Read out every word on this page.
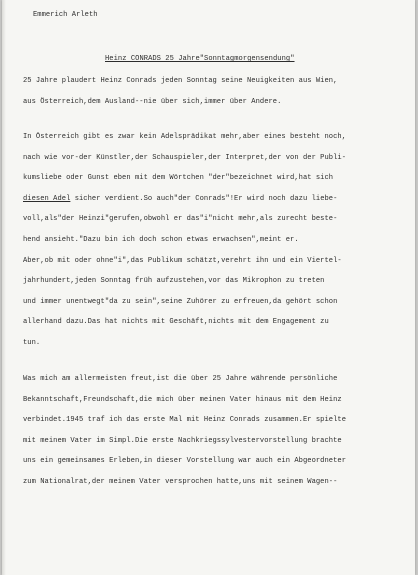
Emmerich Arleth
Heinz CONRADS 25 Jahre"Sonntagmorgensendung"
25 Jahre plaudert Heinz Conrads jeden Sonntag seine Neuigkeiten aus Wien,
aus Österreich,dem Ausland--nie über sich,immer über Andere.
In Österreich gibt es zwar kein Adelsprädikat mehr,aber eines besteht noch,
nach wie vor-der Künstler,der Schauspieler,der Interpret,der von der Publi-
kumsliebe oder Gunst eben mit dem Wörtchen "der"bezeichnet wird,hat sich
diesen Adel sicher verdient.So auch"der Conrads"!Er wird noch dazu liebe-
voll,als"der Heinzi"gerufen,obwohl er das"i"nicht mehr,als zurecht beste-
hend ansieht."Dazu bin ich doch schon etwas erwachsen",meint er.
Aber,ob mit oder ohne"i",das Publikum schätzt,verehrt ihn und ein Viertel-
jahrhundert,jeden Sonntag früh aufzustehen,vor das Mikrophon zu treten
und immer unentwegt"da zu sein",seine Zuhörer zu erfreuen,da gehört schon
allerhand dazu.Das hat nichts mit Geschäft,nichts mit dem Engagement zu
tun.
Was mich am allermeisten freut,ist die über 25 Jahre währende persönliche
Bekanntschaft,Freundschaft,die mich über meinen Vater hinaus mit dem Heinz
verbindet.1945 traf ich das erste Mal mit Heinz Conrads zusammen.Er spielte
mit meinem Vater im Simpl.Die erste Nachkriegssylvestervorstellung brachte
uns ein gemeinsames Erleben,in dieser Vorstellung war auch ein Abgeordneter
zum Nationalrat,der meinem Vater versprochen hatte,uns mit seinem Wagen--
